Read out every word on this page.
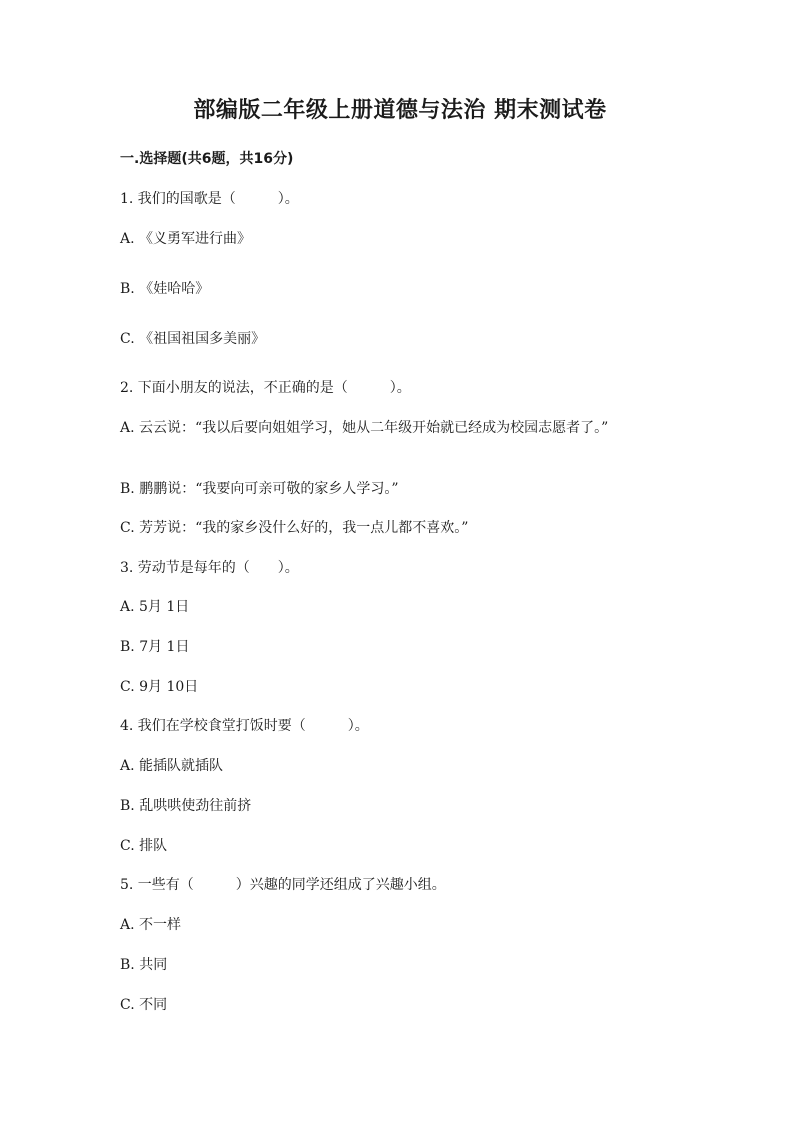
部编版二年级上册道德与法治 期末测试卷
一.选择题(共6题，共16分)
1. 我们的国歌是（　　　）。
A. 《义勇军进行曲》
B. 《娃哈哈》
C. 《祖国祖国多美丽》
2. 下面小朋友的说法，不正确的是（　　　）。
A. 云云说：“我以后要向姐姐学习，她从二年级开始就已经成为校园志愿者了。”
B. 鹏鹏说：“我要向可亲可敬的家乡人学习。”
C. 芳芳说：“我的家乡没什么好的，我一点儿都不喜欢。”
3. 劳动节是每年的（　　）。
A. 5月 1日
B. 7月 1日
C. 9月 10日
4. 我们在学校食堂打饭时要（　　　）。
A. 能插队就插队
B. 乱哄哄使劲往前挤
C. 排队
5. 一些有（　　　）兴趣的同学还组成了兴趣小组。
A. 不一样
B. 共同
C. 不同
